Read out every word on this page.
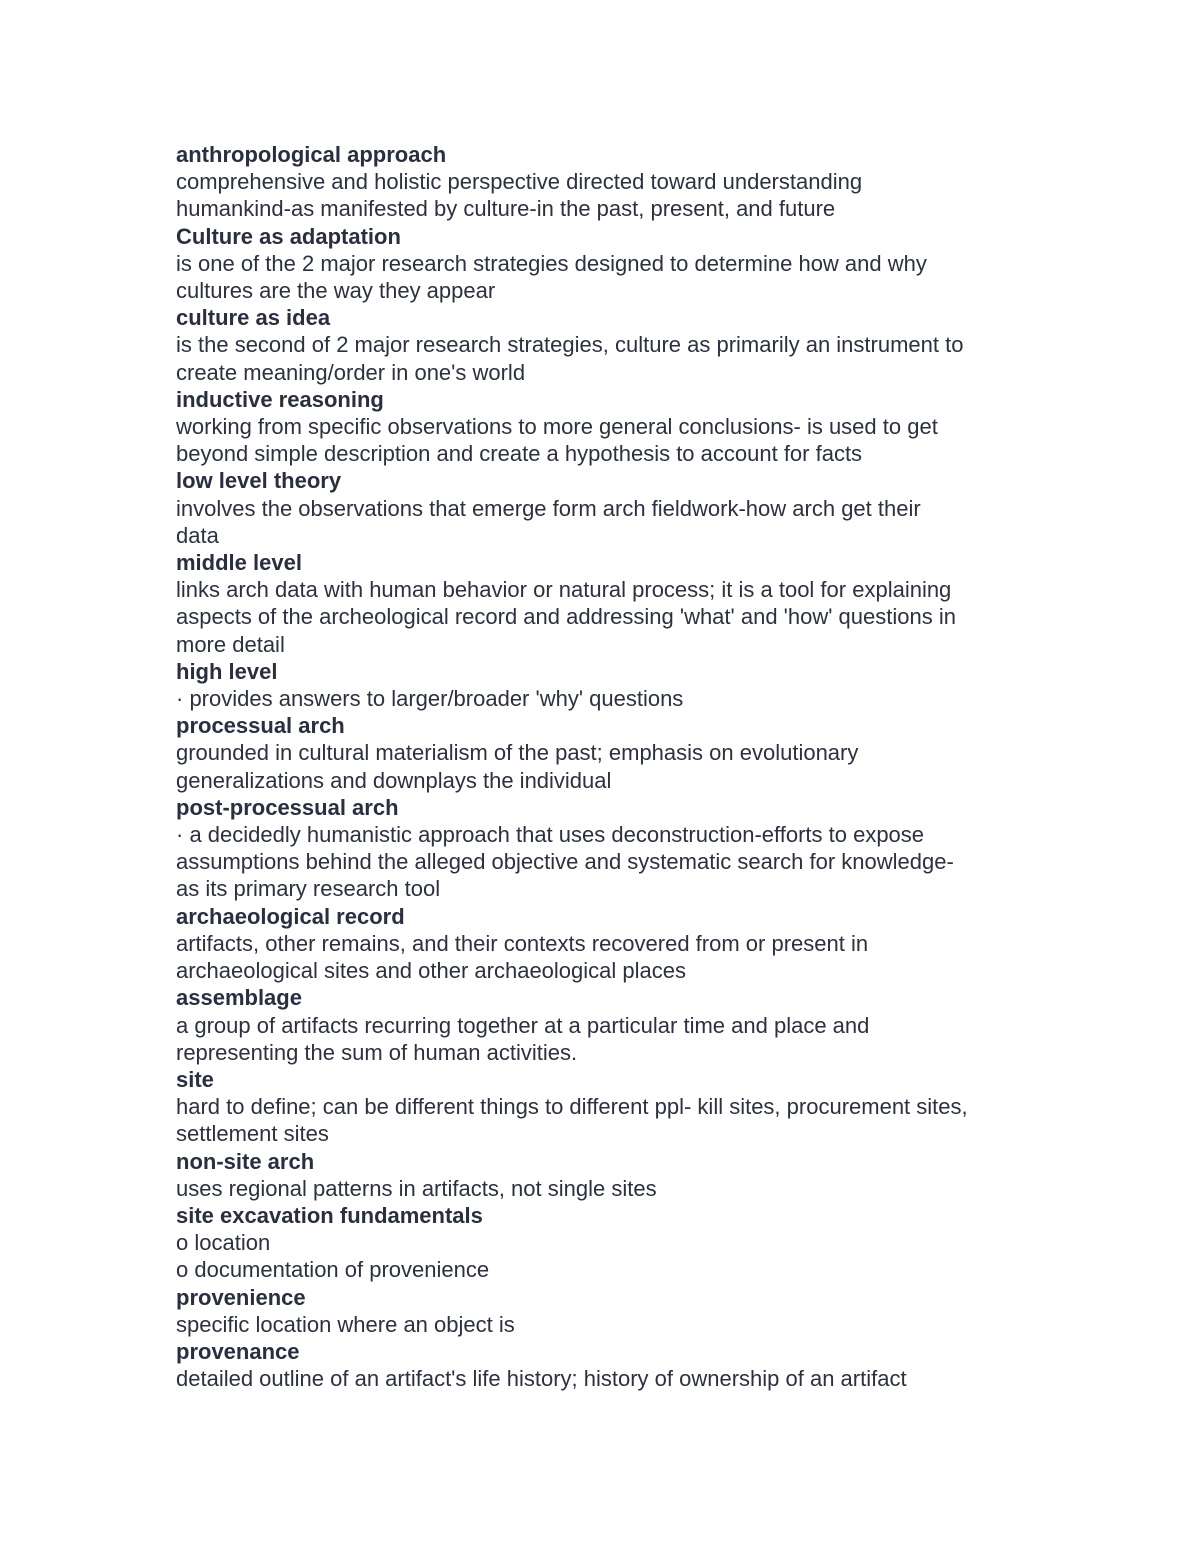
anthropological approach
comprehensive and holistic perspective directed toward understanding
humankind-as manifested by culture-in the past, present, and future
Culture as adaptation
is one of the 2 major research strategies designed to determine how and why
cultures are the way they appear
culture as idea
is the second of 2 major research strategies, culture as primarily an instrument to
create meaning/order in one's world
inductive reasoning
working from specific observations to more general conclusions- is used to get
beyond simple description and create a hypothesis to account for facts
low level theory
involves the observations that emerge form arch fieldwork-how arch get their
data
middle level
links arch data with human behavior or natural process; it is a tool for explaining
aspects of the archeological record and addressing 'what' and 'how' questions in
more detail
high level
· provides answers to larger/broader 'why' questions
processual arch
grounded in cultural materialism of the past; emphasis on evolutionary
generalizations and downplays the individual
post-processual arch
· a decidedly humanistic approach that uses deconstruction-efforts to expose
assumptions behind the alleged objective and systematic search for knowledge-
as its primary research tool
archaeological record
artifacts, other remains, and their contexts recovered from or present in
archaeological sites and other archaeological places
assemblage
a group of artifacts recurring together at a particular time and place and
representing the sum of human activities.
site
hard to define; can be different things to different ppl- kill sites, procurement sites,
settlement sites
non-site arch
uses regional patterns in artifacts, not single sites
site excavation fundamentals
o location
o documentation of provenience
provenience
specific location where an object is
provenance
detailed outline of an artifact's life history; history of ownership of an artifact
